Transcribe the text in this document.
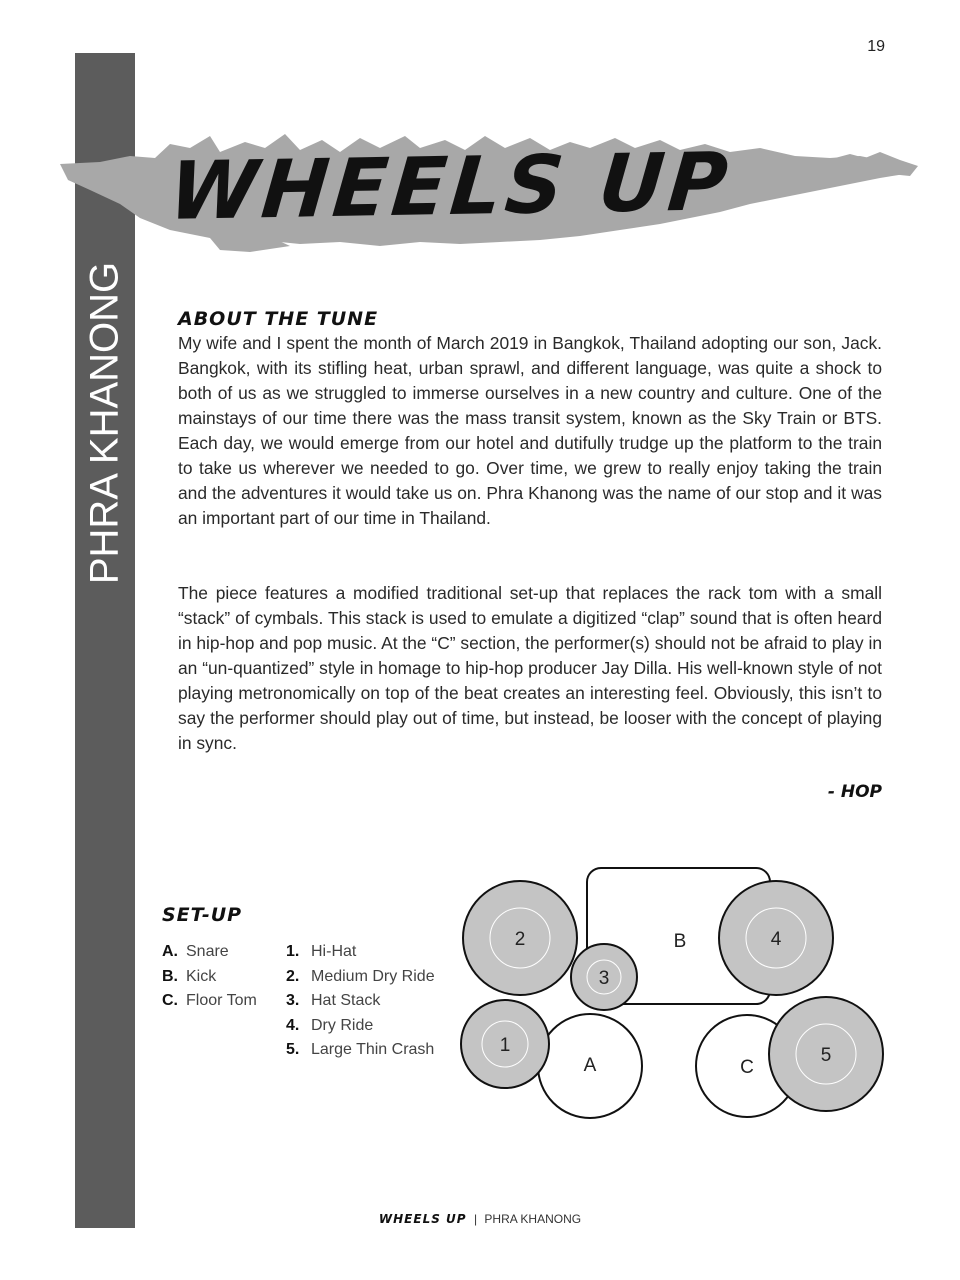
PHRA KHANONG
19
WHEELS UP
ABOUT THE TUNE

My wife and I spent the month of March 2019 in Bangkok, Thailand adopting our son, Jack. Bangkok, with its stifling heat, urban sprawl, and different language, was quite a shock to both of us as we struggled to immerse ourselves in a new country and culture. One of the mainstays of our time there was the mass transit system, known as the Sky Train or BTS. Each day, we would emerge from our hotel and dutifully trudge up the platform to the train to take us wherever we needed to go. Over time, we grew to really enjoy taking the train and the adventures it would take us on. Phra Khanong was the name of our stop and it was an important part of our time in Thailand.

The piece features a modified traditional set-up that replaces the rack tom with a small “stack” of cymbals. This stack is used to emulate a digitized “clap” sound that is often heard in hip-hop and pop music. At the “C” section, the performer(s) should not be afraid to play in an “un-quantized” style in homage to hip-hop producer Jay Dilla. His well-known style of not playing metronomically on top of the beat creates an interesting feel. Obviously, this isn’t to say the performer should play out of time, but instead, be looser with the concept of playing in sync.

- HOP
SET-UP
A. Snare
B. Kick
C. Floor Tom
1. Hi-Hat
2. Medium Dry Ride
3. Hat Stack
4. Dry Ride
5. Large Thin Crash
B
A	C
2	4
3
1	5
WHEELS UP | PHRA KHANONG
